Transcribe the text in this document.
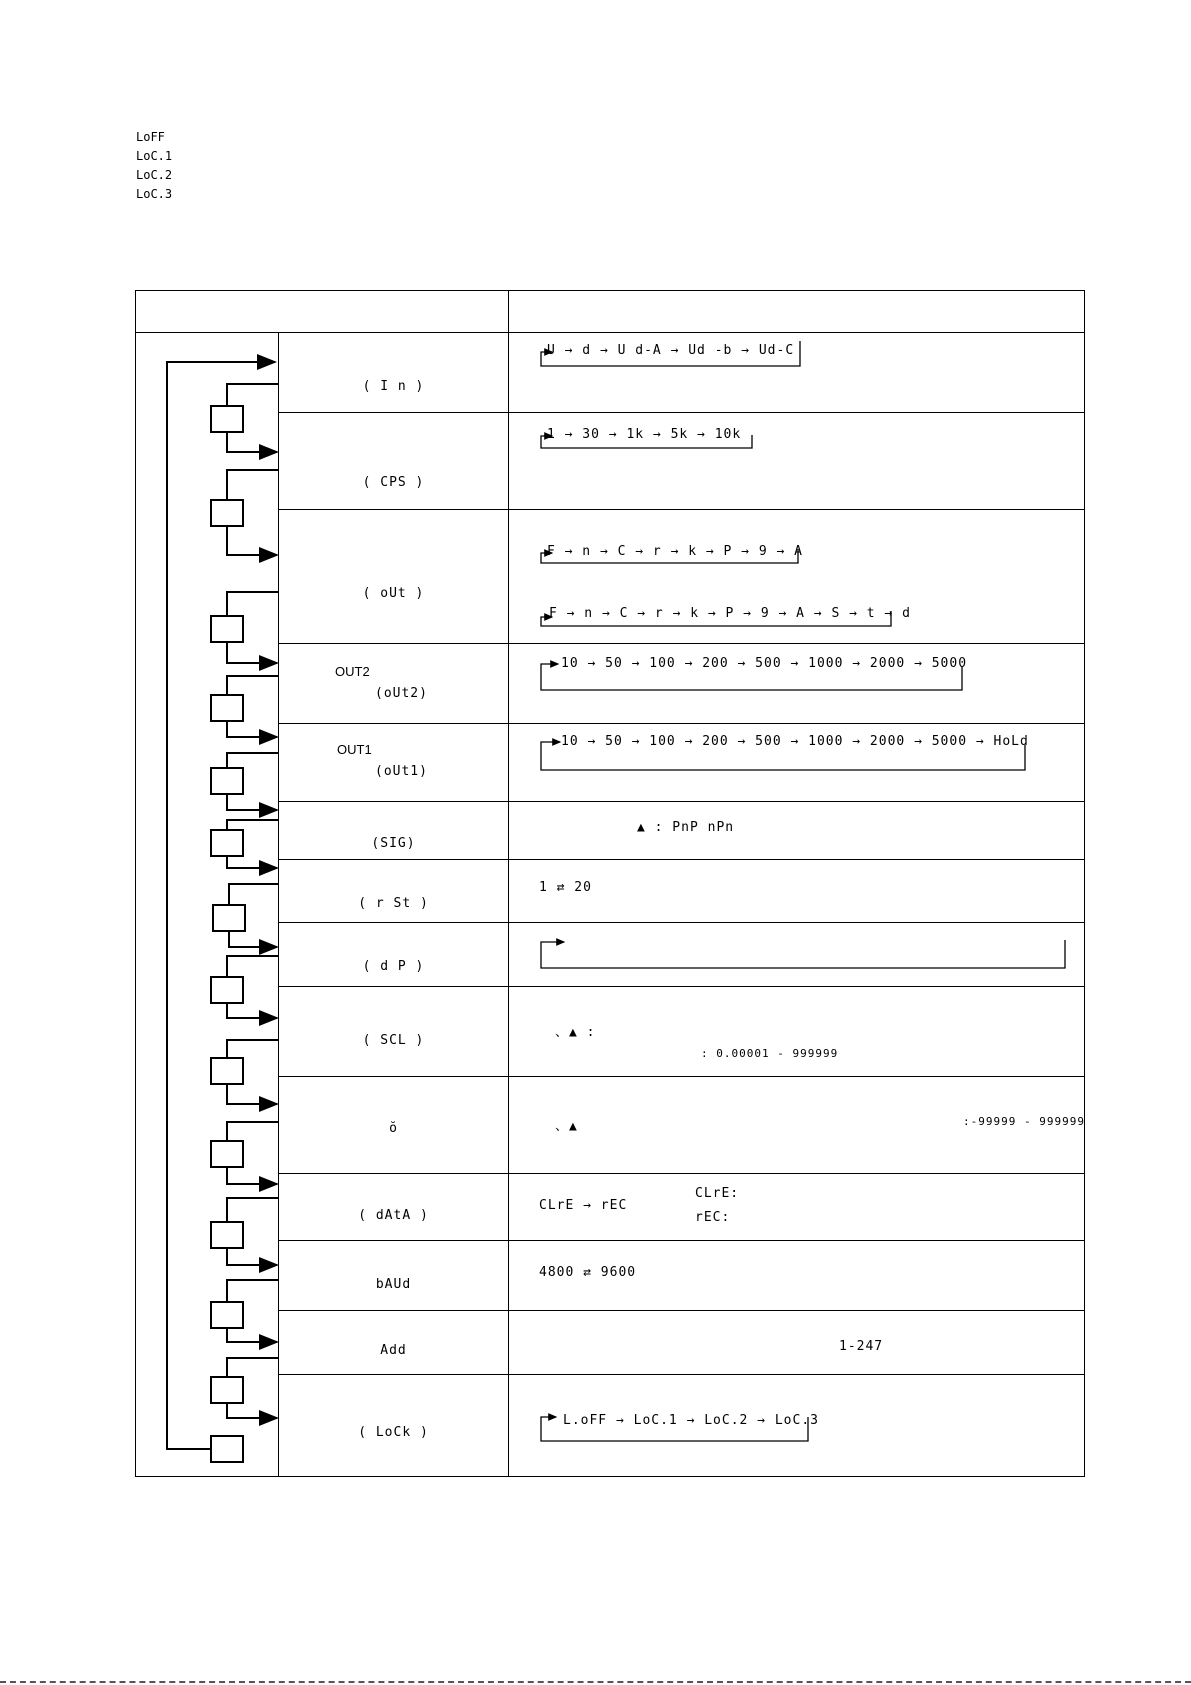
LoFF
LoC.1
LoC.2
LoC.3

	( I n )	U → d → U d-A → Ud -b → Ud-C

	( CPS )	1 → 30 → 1k → 5k → 10k

	( oUt )	F → n → C → r → k → P → 9 → A
F → n → C → r → k → P → 9 → A → S → t → d

	OUT2
(oUt2)	10 → 50 → 100 → 200 → 500 → 1000 → 2000 → 5000

	OUT1
(oUt1)	10 → 50 → 100 → 200 → 500 → 1000 → 2000 → 5000 → HoLd

	(SIG)	▲ : PnP nPn

	( r St )	1 ⇄ 20

	( d P )	

	( SCL )	、▲ :
: 0.00001 - 999999

	ŏ	、▲ :-99999 - 999999

	( dAtA )	CLrE → rEC
CLrE:
rEC:

	bAUd	4800 ⇄ 9600

	Add	1-247

	( LoCk )	L.oFF → LoC.1 → LoC.2 → LoC.3
